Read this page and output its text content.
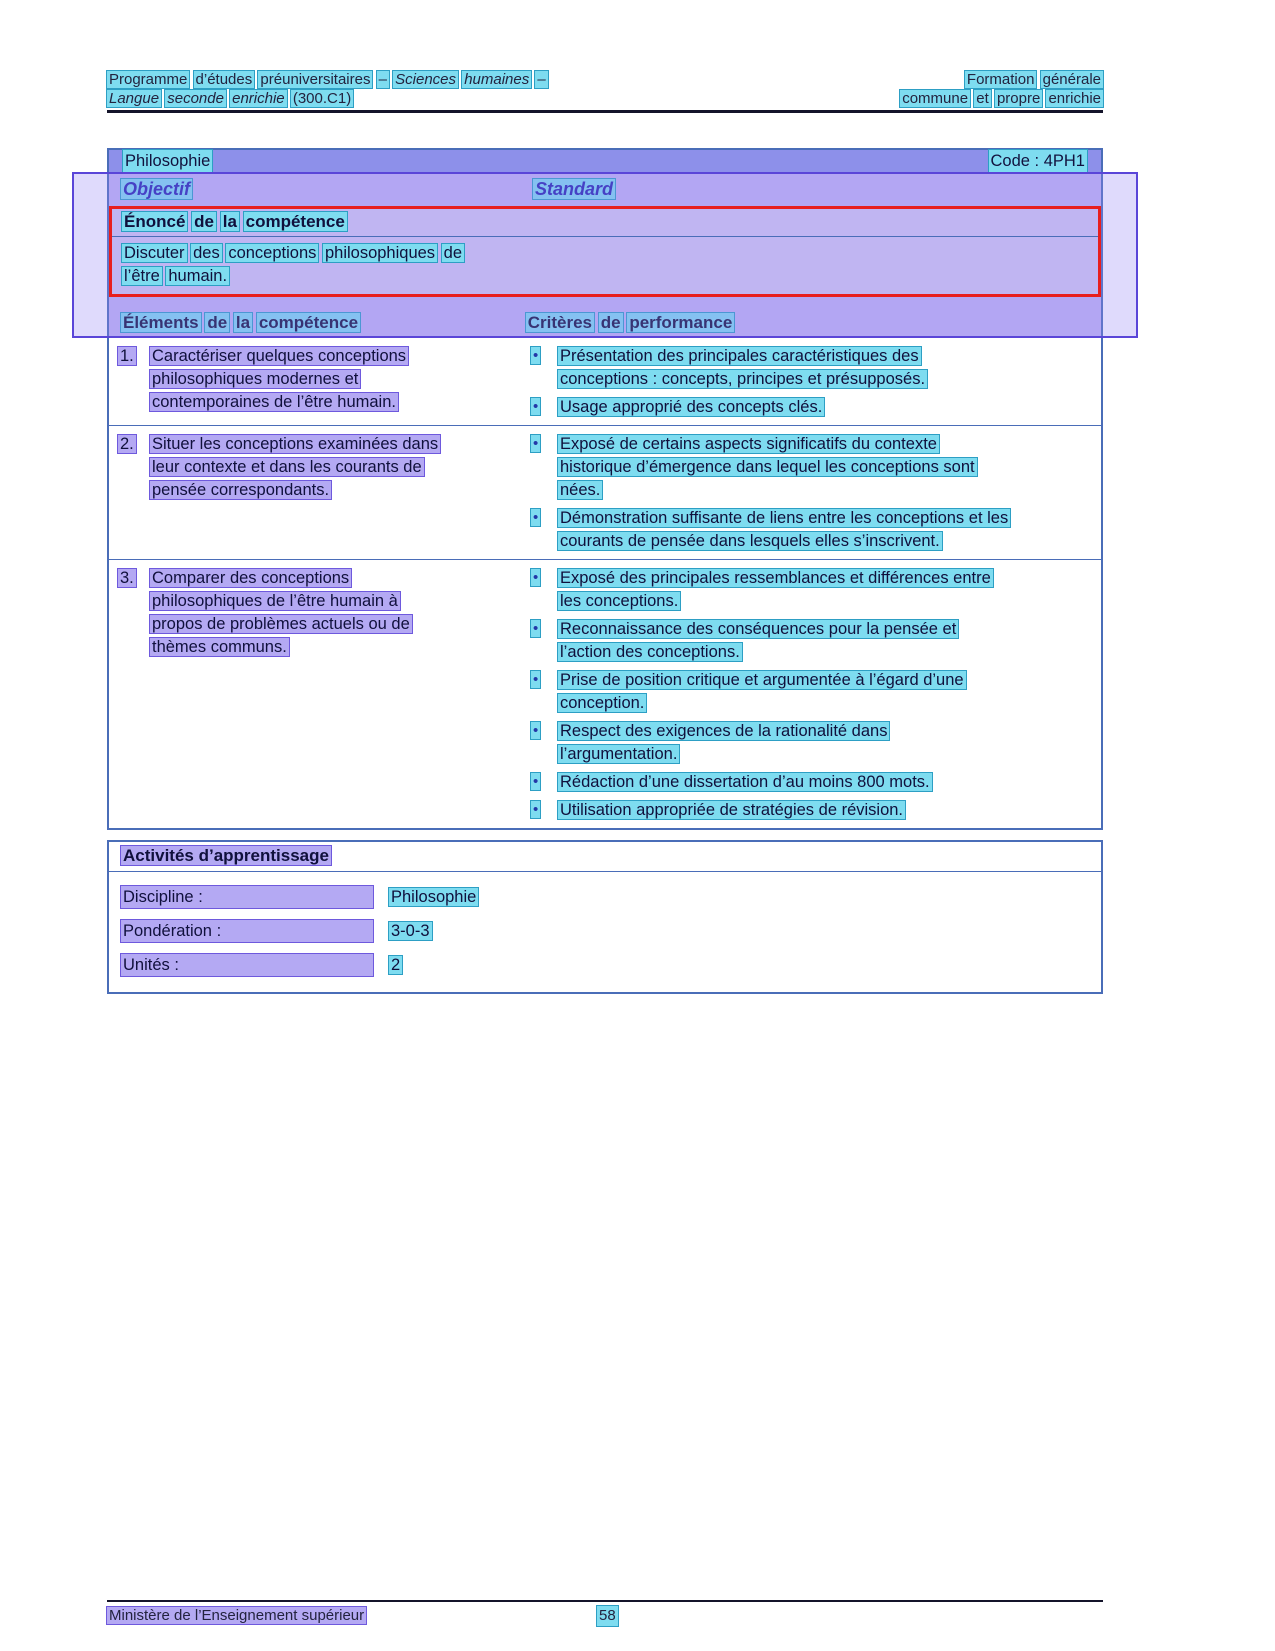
Programme d’études préuniversitaires – Sciences humaines –
Langue seconde enrichie (300.C1)
Formation générale
commune et propre enrichie
Philosophie	Code : 4PH1
Objectif	Standard
Énoncé de la compétence
Discuter des conceptions philosophiques de
l’être humain.
Éléments de la compétence	Critères de performance
1.	Caractériser quelques conceptions
philosophiques modernes et
contemporaines de l’être humain.
•	Présentation des principales caractéristiques des
conceptions : concepts, principes et présupposés.
•	Usage approprié des concepts clés.
2.	Situer les conceptions examinées dans
leur contexte et dans les courants de
pensée correspondants.
•	Exposé de certains aspects significatifs du contexte
historique d’émergence dans lequel les conceptions sont
nées.
•	Démonstration suffisante de liens entre les conceptions et les
courants de pensée dans lesquels elles s’inscrivent.
3.	Comparer des conceptions
philosophiques de l’être humain à
propos de problèmes actuels ou de
thèmes communs.
•	Exposé des principales ressemblances et différences entre
les conceptions.
•	Reconnaissance des conséquences pour la pensée et
l’action des conceptions.
•	Prise de position critique et argumentée à l’égard d’une
conception.
•	Respect des exigences de la rationalité dans
l’argumentation.
•	Rédaction d’une dissertation d’au moins 800 mots.
•	Utilisation appropriée de stratégies de révision.
Activités d’apprentissage
Discipline :	Philosophie
Pondération :	3-0-3
Unités :	2
Ministère de l’Enseignement supérieur	58
